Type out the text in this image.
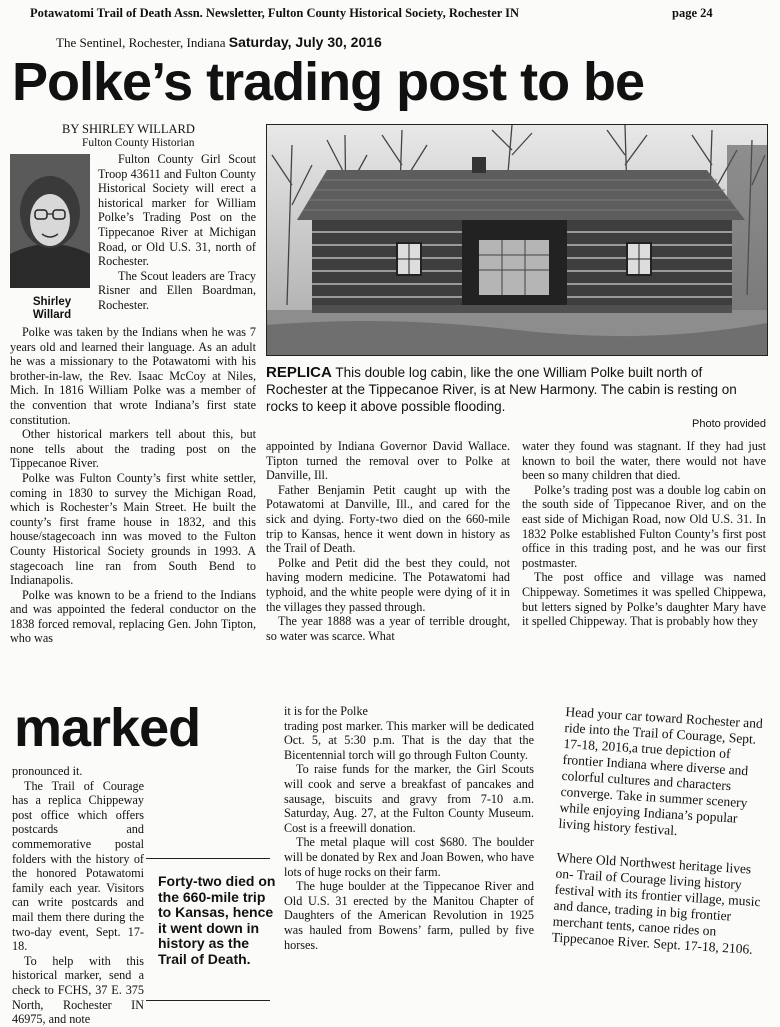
Potawatomi Trail of Death Assn. Newsletter, Fulton County Historical Society, Rochester IN	page 24
The Sentinel, Rochester, Indiana Saturday, July 30, 2016
Polke’s trading post to be
BY SHIRLEY WILLARD
Fulton County Historian
Shirley
Willard

Fulton County Girl Scout Troop 43611 and Fulton County Historical Society will erect a historical marker for William Polke’s Trading Post on the Tippecanoe River at Michigan Road, or Old U.S. 31, north of Rochester.

The Scout leaders are Tracy Risner and Ellen Boardman, Rochester.

Polke was taken by the Indians when he was 7 years old and learned their language. As an adult he was a missionary to the Potawatomi with his brother-in-law, the Rev. Isaac McCoy at Niles, Mich. In 1816 William Polke was a member of the convention that wrote Indiana’s first state constitution.

Other historical markers tell about this, but none tells about the trading post on the Tippecanoe River.

Polke was Fulton County’s first white settler, coming in 1830 to survey the Michigan Road, which is Rochester’s Main Street. He built the county’s first frame house in 1832, and this house/stagecoach inn was moved to the Fulton County Historical Society grounds in 1993. A stagecoach line ran from South Bend to Indianapolis.

Polke was known to be a friend to the Indians and was appointed the federal conductor on the 1838 forced removal, replacing Gen. John Tipton, who was

REPLICA This double log cabin, like the one William Polke built north of Rochester at the Tippecanoe River, is at New Harmony. The cabin is resting on rocks to keep it above possible flooding.
Photo provided

appointed by Indiana Governor David Wallace. Tipton turned the removal over to Polke at Danville, Ill.

Father Benjamin Petit caught up with the Potawatomi at Danville, Ill., and cared for the sick and dying. Forty-two died on the 660-mile trip to Kansas, hence it went down in history as the Trail of Death.

Polke and Petit did the best they could, not having modern medicine. The Potawatomi had typhoid, and the white people were dying of it in the villages they passed through.

The year 1888 was a year of terrible drought, so water was scarce. What

water they found was stagnant. If they had just known to boil the water, there would not have been so many children that died.

Polke’s trading post was a double log cabin on the south side of Tippecanoe River, and on the east side of Michigan Road, now Old U.S. 31. In 1832 Polke established Fulton County’s first post office in this trading post, and he was our first postmaster.

The post office and village was named Chippeway. Sometimes it was spelled Chippewa, but letters signed by Polke’s daughter Mary have it spelled Chippeway. That is probably how they

marked

pronounced it.

The Trail of Courage has a replica Chippeway post office which offers postcards and commemorative postal folders with the history of the honored Potawatomi family each year. Visitors can write postcards and mail them there during the two-day event, Sept. 17-18.

To help with this historical marker, send a check to FCHS, 37 E. 375 North, Rochester IN 46975, and note

Forty-two died on the 660-mile trip to Kansas, hence it went down in history as the Trail of Death.

it is for the Polke

trading post marker. This marker will be dedicated Oct. 5, at 5:30 p.m. That is the day that the Bicentennial torch will go through Fulton County.

To raise funds for the marker, the Girl Scouts will cook and serve a breakfast of pancakes and sausage, biscuits and gravy from 7-10 a.m. Saturday, Aug. 27, at the Fulton County Museum. Cost is a freewill donation.

The metal plaque will cost $680. The boulder will be donated by Rex and Joan Bowen, who have lots of huge rocks on their farm.

The huge boulder at the Tippecanoe River and Old U.S. 31 erected by the Manitou Chapter of Daughters of the American Revolution in 1925 was hauled from Bowens’ farm, pulled by five horses.

Head your car toward Rochester and ride into the Trail of Courage, Sept. 17-18, 2016,a true depiction of frontier Indiana where diverse and colorful cultures and characters converge. Take in summer scenery while enjoying Indiana’s popular living history festival.

Where Old Northwest heritage lives on- Trail of Courage living history festival with its frontier village, music and dance, trading in big frontier merchant tents, canoe rides on Tippecanoe River. Sept. 17-18, 2106.
